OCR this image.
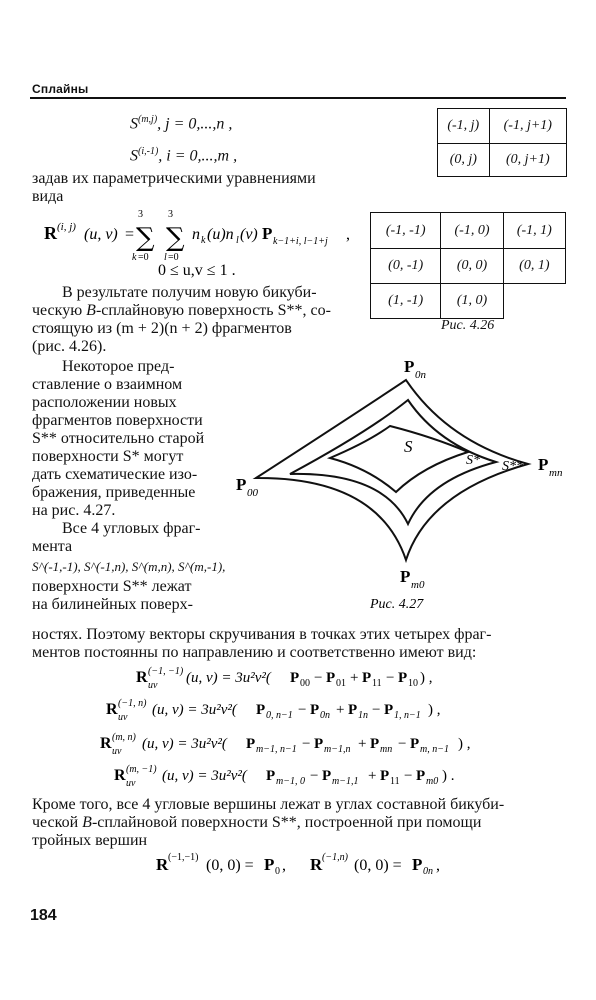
Сплайны
S$^{(m,j)}$, j = 0,...,n ,
$S^{(i,-1)}$, i = 0,...,m ,
(-1, j)	(-1, j+1)
(0, j)	(0, j+1)
задав их параметрическими уравнениями
вида
R (i, j) (u, v) =
3
∑
k =0
3
∑
l =0
n k (u)n l (v) P k−1+i, l−1+j ,
0 ≤ u,v ≤ 1 .
(-1, -1)	(-1, 0)	(-1, 1)
(0, -1)	(0, 0)	(0, 1)
(1, -1)	(1, 0)	
Рис. 4.26
В результате получим новую бикуби-
ческую B-сплайновую поверхность S**, со-
стоящую из (m + 2)(n + 2) фрагментов
(рис. 4.26).
Некоторое пред-
ставление о взаимном
расположении новых
фрагментов поверхности
S** относительно старой
поверхности S* могут
дать схематические изо-
бражения, приведенные
на рис. 4.27.
Все 4 угловых фраг-
мента
S^(-1,-1), S^(-1,n), S^(m,n), S^(m,-1),
поверхности S** лежат
на билинейных поверх-
P 0n
P 00
P mn
P m0
S
S* S**
Рис. 4.27
ностях. Поэтому векторы скручивания в точках этих четырех фраг-
ментов постоянны по направлению и соответственно имеют вид:
R (−1, −1)
uv (u, v) = 3u²v²( P 00 − P 01 + P 11 − P 10 ) ,
R (−1, n)
uv (u, v) = 3u²v²( P 0, n−1 − P 0n + P 1n − P 1, n−1 ) ,
R (m, n)
uv (u, v) = 3u²v²( P m−1, n−1 − P m−1,n + P mn − P m, n−1 ) ,
R (m, −1)
uv (u, v) = 3u²v²( P m−1, 0 − P m−1,1 + P 11 − P m0 ) .
Кроме того, все 4 угловые вершины лежат в углах составной бикуби-
ческой B-сплайновой поверхности S**, построенной при помощи
тройных вершин
R (−1,−1) (0, 0) = P 0 , R (−1,n) (0, 0) = P 0n ,
184
